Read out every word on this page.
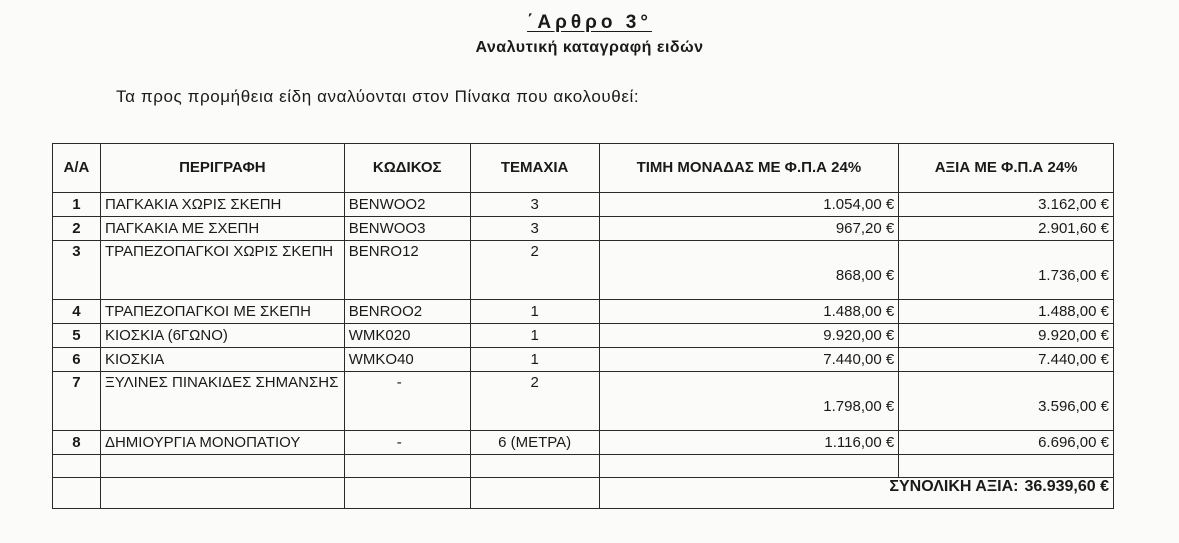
΄Αρθρο 3°
Αναλυτική καταγραφή ειδών
Τα προς προμήθεια είδη αναλύονται στον Πίνακα που ακολουθεί:
Α/Α	ΠΕΡΙΓΡΑΦΗ	ΚΩΔΙΚΟΣ	ΤΕΜΑΧΙΑ	ΤΙΜΗ ΜΟΝΑΔΑΣ ΜΕ Φ.Π.Α 24%	ΑΞΙΑ ΜΕ Φ.Π.Α 24%
1	ΠΑΓΚΑΚΙΑ ΧΩΡΙΣ ΣΚΕΠΗ	BENWOO2	3	1.054,00 €	3.162,00 €
2	ΠΑΓΚΑΚΙΑ ΜΕ ΣΧΕΠΗ	BENWOO3	3	967,20 €	2.901,60 €
3	ΤΡΑΠΕΖΟΠΑΓΚΟΙ ΧΩΡΙΣ ΣΚΕΠΗ	BENRO12	2	868,00 €	1.736,00 €
4	ΤΡΑΠΕΖΟΠΑΓΚΟΙ ΜΕ ΣΚΕΠΗ	BENROO2	1	1.488,00 €	1.488,00 €
5	ΚΙΟΣΚΙΑ (6ΓΩΝΟ)	WMK020	1	9.920,00 €	9.920,00 €
6	ΚΙΟΣΚΙΑ	WMKO40	1	7.440,00 €	7.440,00 €
7	ΞΥΛΙΝΕΣ ΠΙΝΑΚΙΔΕΣ ΣΗΜΑΝΣΗΣ	-	2	1.798,00 €	3.596,00 €
8	ΔΗΜΙΟΥΡΓΙΑ ΜΟΝΟΠΑΤΙΟΥ	-	6 (ΜΕΤΡΑ)	1.116,00 €	6.696,00 €

				ΣΥΝΟΛΙΚΗ ΑΞΙΑ: 36.939,60 €	
